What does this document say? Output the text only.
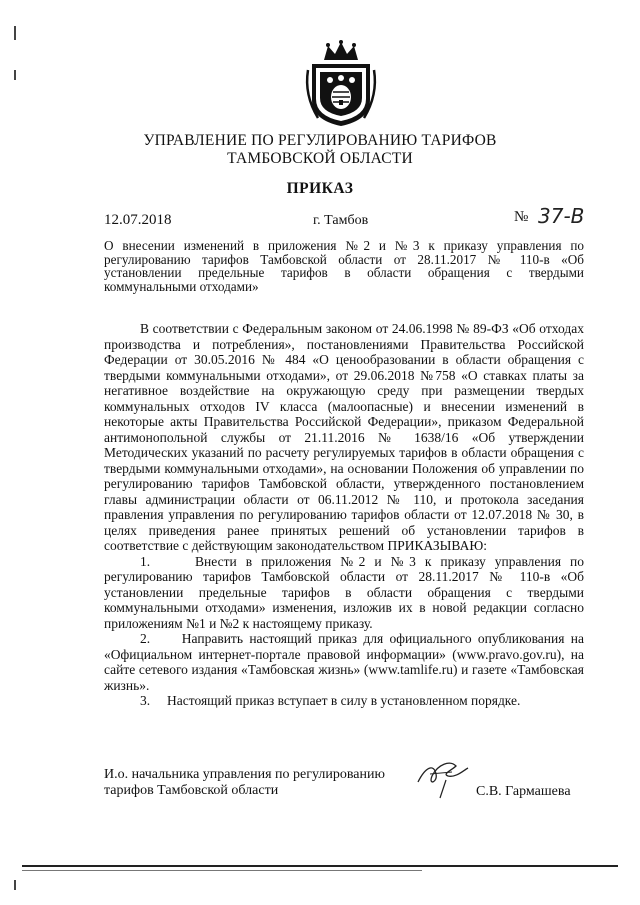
УПРАВЛЕНИЕ ПО РЕГУЛИРОВАНИЮ ТАРИФОВ
ТАМБОВСКОЙ ОБЛАСТИ
ПРИКАЗ
12.07.2018	г. Тамбов	№ 37-В
О внесении изменений в приложения №2 и №3 к приказу управления по регулированию тарифов Тамбовской области от 28.11.2017 № 110-в «Об установлении предельные тарифов в области обращения с твердыми коммунальными отходами»

В соответствии с Федеральным законом от 24.06.1998 № 89-ФЗ «Об отходах производства и потребления», постановлениями Правительства Российской Федерации от 30.05.2016 № 484 «О ценообразовании в области обращения с твердыми коммунальными отходами», от 29.06.2018 №758 «О ставках платы за негативное воздействие на окружающую среду при размещении твердых коммунальных отходов IV класса (малоопасные) и внесении изменений в некоторые акты Правительства Российской Федерации», приказом Федеральной антимонопольной службы от 21.11.2016 № 1638/16 «Об утверждении Методических указаний по расчету регулируемых тарифов в области обращения с твердыми коммунальными отходами», на основании Положения об управлении по регулированию тарифов Тамбовской области, утвержденного постановлением главы администрации области от 06.11.2012 № 110, и протокола заседания правления управления по регулированию тарифов области от 12.07.2018 № 30, в целях приведения ранее принятых решений об установлении тарифов в соответствие с действующим законодательством ПРИКАЗЫВАЮ:

1.     Внести в приложения №2 и №3 к приказу управления по регулированию тарифов Тамбовской области от 28.11.2017 № 110-в «Об установлении предельные тарифов в области обращения с твердыми коммунальными отходами» изменения, изложив их в новой редакции согласно приложениям №1 и №2 к настоящему приказу.

2.     Направить настоящий приказ для официального опубликования на «Официальном интернет-портале правовой информации» (www.pravo.gov.ru), на сайте сетевого издания «Тамбовская жизнь» (www.tamlife.ru) и газете «Тамбовская жизнь».

3.     Настоящий приказ вступает в силу в установленном порядке.

И.о. начальника управления по регулированию
тарифов Тамбовской области	С.В. Гармашева
